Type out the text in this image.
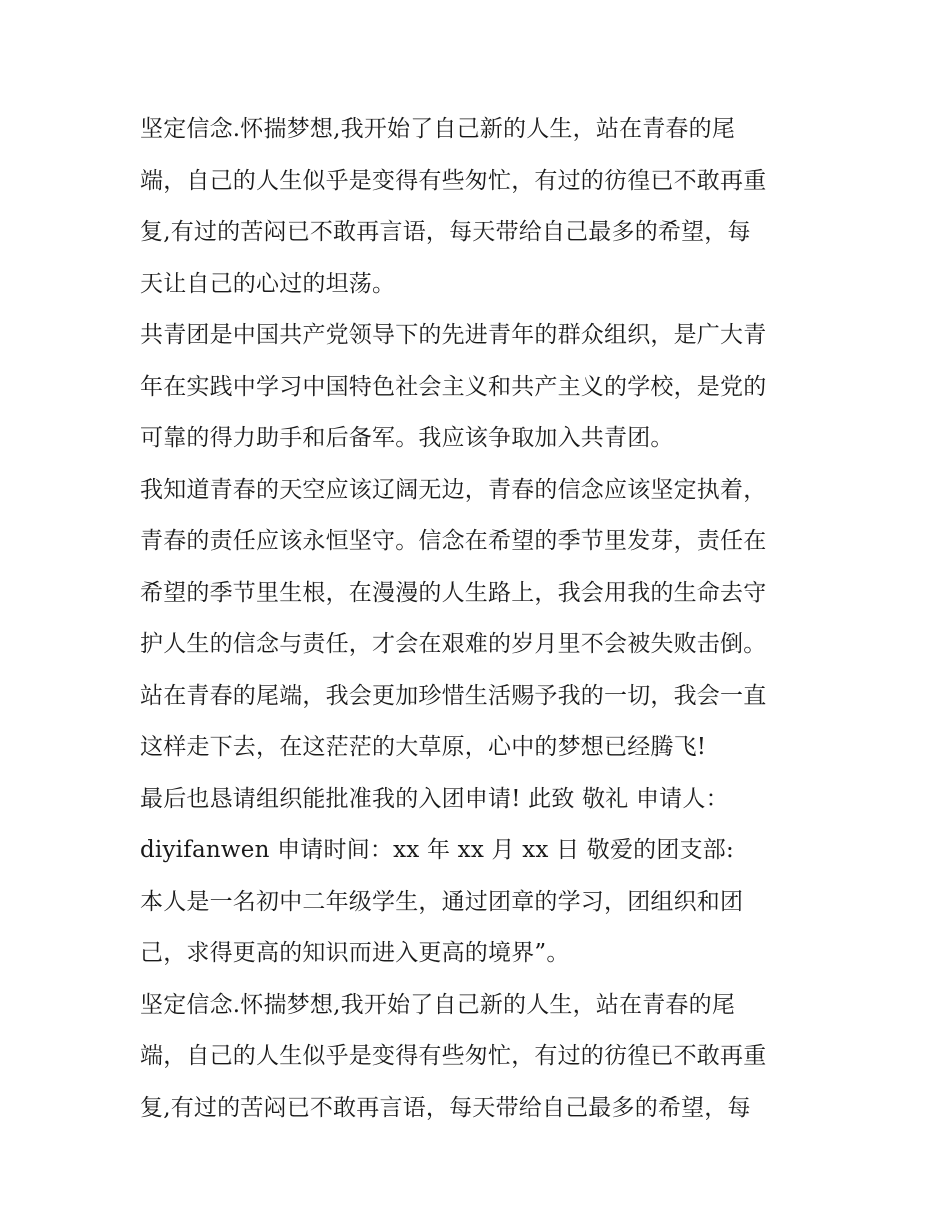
坚定信念.怀揣梦想,我开始了自己新的人生，站在青春的尾
端，自己的人生似乎是变得有些匆忙，有过的彷徨已不敢再重
复,有过的苦闷已不敢再言语，每天带给自己最多的希望，每
天让自己的心过的坦荡。
共青团是中国共产党领导下的先进青年的群众组织，是广大青
年在实践中学习中国特色社会主义和共产主义的学校，是党的
可靠的得力助手和后备军。我应该争取加入共青团。
我知道青春的天空应该辽阔无边，青春的信念应该坚定执着，
青春的责任应该永恒坚守。信念在希望的季节里发芽，责任在
希望的季节里生根，在漫漫的人生路上，我会用我的生命去守
护人生的信念与责任，才会在艰难的岁月里不会被失败击倒。
站在青春的尾端，我会更加珍惜生活赐予我的一切，我会一直
这样走下去，在这茫茫的大草原，心中的梦想已经腾飞!
最后也恳请组织能批准我的入团申请! 此致 敬礼 申请人：
diyifanwen 申请时间：xx 年 xx 月 xx 日 敬爱的团支部:
本人是一名初中二年级学生，通过团章的学习，团组织和团
己，求得更高的知识而进入更高的境界”。
坚定信念.怀揣梦想,我开始了自己新的人生，站在青春的尾
端，自己的人生似乎是变得有些匆忙，有过的彷徨已不敢再重
复,有过的苦闷已不敢再言语，每天带给自己最多的希望，每
